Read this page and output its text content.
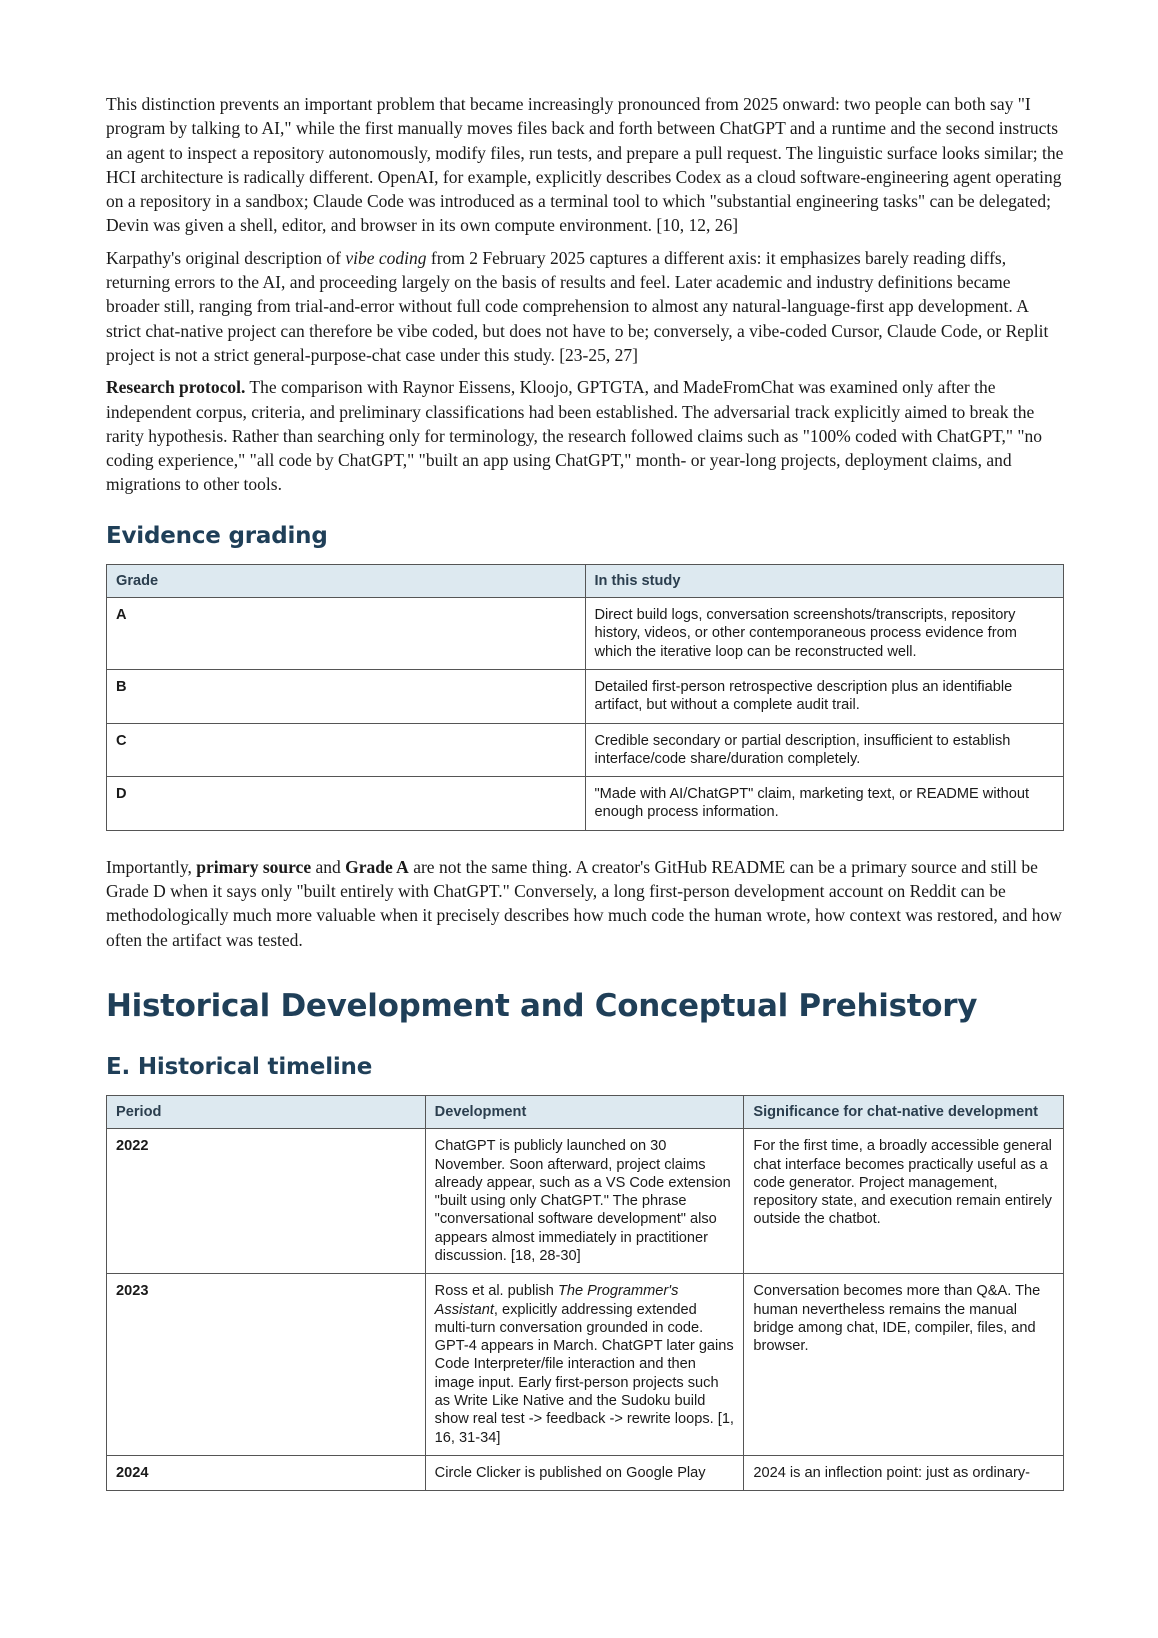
This distinction prevents an important problem that became increasingly pronounced from 2025 onward: two people can both say "I program by talking to AI," while the first manually moves files back and forth between ChatGPT and a runtime and the second instructs an agent to inspect a repository autonomously, modify files, run tests, and prepare a pull request. The linguistic surface looks similar; the HCI architecture is radically different. OpenAI, for example, explicitly describes Codex as a cloud software-engineering agent operating on a repository in a sandbox; Claude Code was introduced as a terminal tool to which "substantial engineering tasks" can be delegated; Devin was given a shell, editor, and browser in its own compute environment. [10, 12, 26]

Karpathy's original description of vibe coding from 2 February 2025 captures a different axis: it emphasizes barely reading diffs, returning errors to the AI, and proceeding largely on the basis of results and feel. Later academic and industry definitions became broader still, ranging from trial-and-error without full code comprehension to almost any natural-language-first app development. A strict chat-native project can therefore be vibe coded, but does not have to be; conversely, a vibe-coded Cursor, Claude Code, or Replit project is not a strict general-purpose-chat case under this study. [23-25, 27]

Research protocol. The comparison with Raynor Eissens, Kloojo, GPTGTA, and MadeFromChat was examined only after the independent corpus, criteria, and preliminary classifications had been established. The adversarial track explicitly aimed to break the rarity hypothesis. Rather than searching only for terminology, the research followed claims such as "100% coded with ChatGPT," "no coding experience," "all code by ChatGPT," "built an app using ChatGPT," month- or year-long projects, deployment claims, and migrations to other tools.

Evidence grading
Grade	In this study
A	Direct build logs, conversation screenshots/transcripts, repository history, videos, or other contemporaneous process evidence from which the iterative loop can be reconstructed well.
B	Detailed first-person retrospective description plus an identifiable artifact, but without a complete audit trail.
C	Credible secondary or partial description, insufficient to establish interface/code share/duration completely.
D	"Made with AI/ChatGPT" claim, marketing text, or README without enough process information.

Importantly, primary source and Grade A are not the same thing. A creator's GitHub README can be a primary source and still be Grade D when it says only "built entirely with ChatGPT." Conversely, a long first-person development account on Reddit can be methodologically much more valuable when it precisely describes how much code the human wrote, how context was restored, and how often the artifact was tested.

Historical Development and Conceptual Prehistory
E. Historical timeline
Period	Development	Significance for chat-native development
2022	ChatGPT is publicly launched on 30 November. Soon afterward, project claims already appear, such as a VS Code extension "built using only ChatGPT." The phrase "conversational software development" also appears almost immediately in practitioner discussion. [18, 28-30]	For the first time, a broadly accessible general chat interface becomes practically useful as a code generator. Project management, repository state, and execution remain entirely outside the chatbot.
2023	Ross et al. publish The Programmer's Assistant, explicitly addressing extended multi-turn conversation grounded in code. GPT-4 appears in March. ChatGPT later gains Code Interpreter/file interaction and then image input. Early first-person projects such as Write Like Native and the Sudoku build show real test -> feedback -> rewrite loops. [1, 16, 31-34]	Conversation becomes more than Q&A. The human nevertheless remains the manual bridge among chat, IDE, compiler, files, and browser.
2024	Circle Clicker is published on Google Play	2024 is an inflection point: just as ordinary-
